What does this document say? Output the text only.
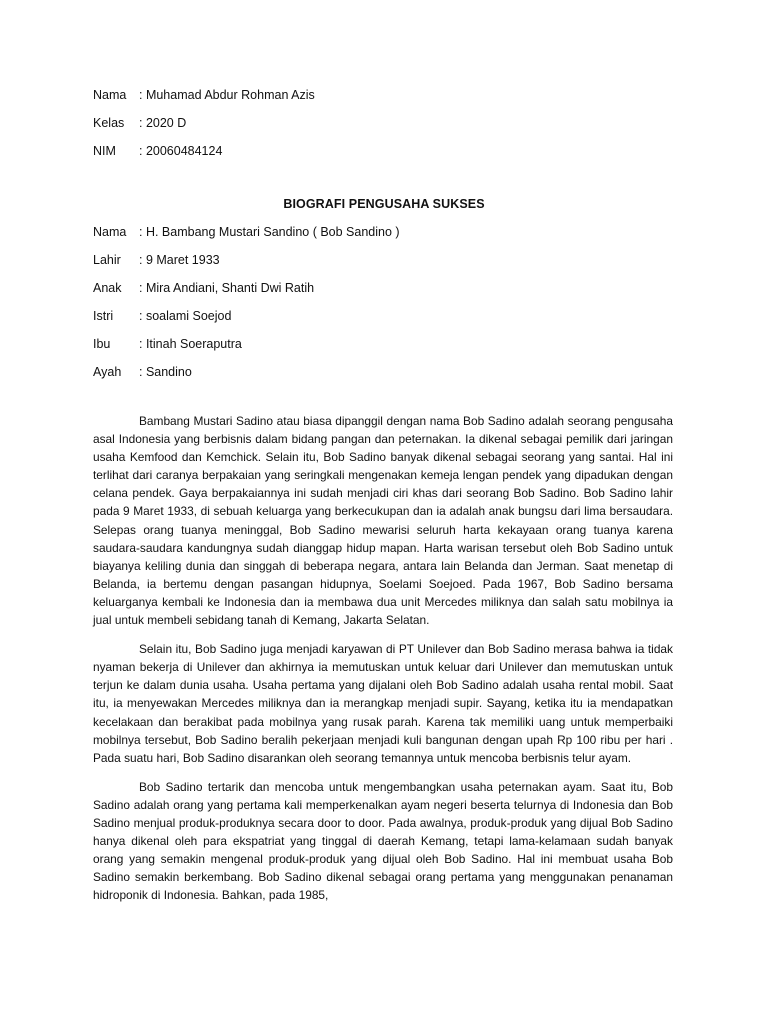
Nama	: Muhamad Abdur Rohman Azis
Kelas	: 2020 D
NIM	: 20060484124
BIOGRAFI PENGUSAHA SUKSES
Nama	: H. Bambang Mustari Sandino ( Bob Sandino )
Lahir	: 9 Maret 1933
Anak	: Mira Andiani, Shanti Dwi Ratih
Istri	: soalami Soejod
Ibu	: Itinah Soeraputra
Ayah	: Sandino

Bambang Mustari Sadino atau biasa dipanggil dengan nama Bob Sadino adalah seorang pengusaha asal Indonesia yang berbisnis dalam bidang pangan dan peternakan. Ia dikenal sebagai pemilik dari jaringan usaha Kemfood dan Kemchick. Selain itu, Bob Sadino banyak dikenal sebagai seorang yang santai. Hal ini terlihat dari caranya berpakaian yang seringkali mengenakan kemeja lengan pendek yang dipadukan dengan celana pendek. Gaya berpakaiannya ini sudah menjadi ciri khas dari seorang Bob Sadino. Bob Sadino lahir pada 9 Maret 1933, di sebuah keluarga yang berkecukupan dan ia adalah anak bungsu dari lima bersaudara. Selepas orang tuanya meninggal, Bob Sadino mewarisi seluruh harta kekayaan orang tuanya karena saudara-saudara kandungnya sudah dianggap hidup mapan. Harta warisan tersebut oleh Bob Sadino untuk biayanya keliling dunia dan singgah di beberapa negara, antara lain Belanda dan Jerman. Saat menetap di Belanda, ia bertemu dengan pasangan hidupnya, Soelami Soejoed. Pada 1967, Bob Sadino bersama keluarganya kembali ke Indonesia dan ia membawa dua unit Mercedes miliknya dan salah satu mobilnya ia jual untuk membeli sebidang tanah di Kemang, Jakarta Selatan.

Selain itu, Bob Sadino juga menjadi karyawan di PT Unilever dan Bob Sadino merasa bahwa ia tidak nyaman bekerja di Unilever dan akhirnya ia memutuskan untuk keluar dari Unilever dan memutuskan untuk terjun ke dalam dunia usaha. Usaha pertama yang dijalani oleh Bob Sadino adalah usaha rental mobil. Saat itu, ia menyewakan Mercedes miliknya dan ia merangkap menjadi supir. Sayang, ketika itu ia mendapatkan kecelakaan dan berakibat pada mobilnya yang rusak parah. Karena tak memiliki uang untuk memperbaiki mobilnya tersebut, Bob Sadino beralih pekerjaan menjadi kuli bangunan dengan upah Rp 100 ribu per hari . Pada suatu hari, Bob Sadino disarankan oleh seorang temannya untuk mencoba berbisnis telur ayam.

Bob Sadino tertarik dan mencoba untuk mengembangkan usaha peternakan ayam. Saat itu, Bob Sadino adalah orang yang pertama kali memperkenalkan ayam negeri beserta telurnya di Indonesia dan Bob Sadino menjual produk-produknya secara door to door. Pada awalnya, produk-produk yang dijual Bob Sadino hanya dikenal oleh para ekspatriat yang tinggal di daerah Kemang, tetapi lama-kelamaan sudah banyak orang yang semakin mengenal produk-produk yang dijual oleh Bob Sadino. Hal ini membuat usaha Bob Sadino semakin berkembang. Bob Sadino dikenal sebagai orang pertama yang menggunakan penanaman hidroponik di Indonesia. Bahkan, pada 1985,
